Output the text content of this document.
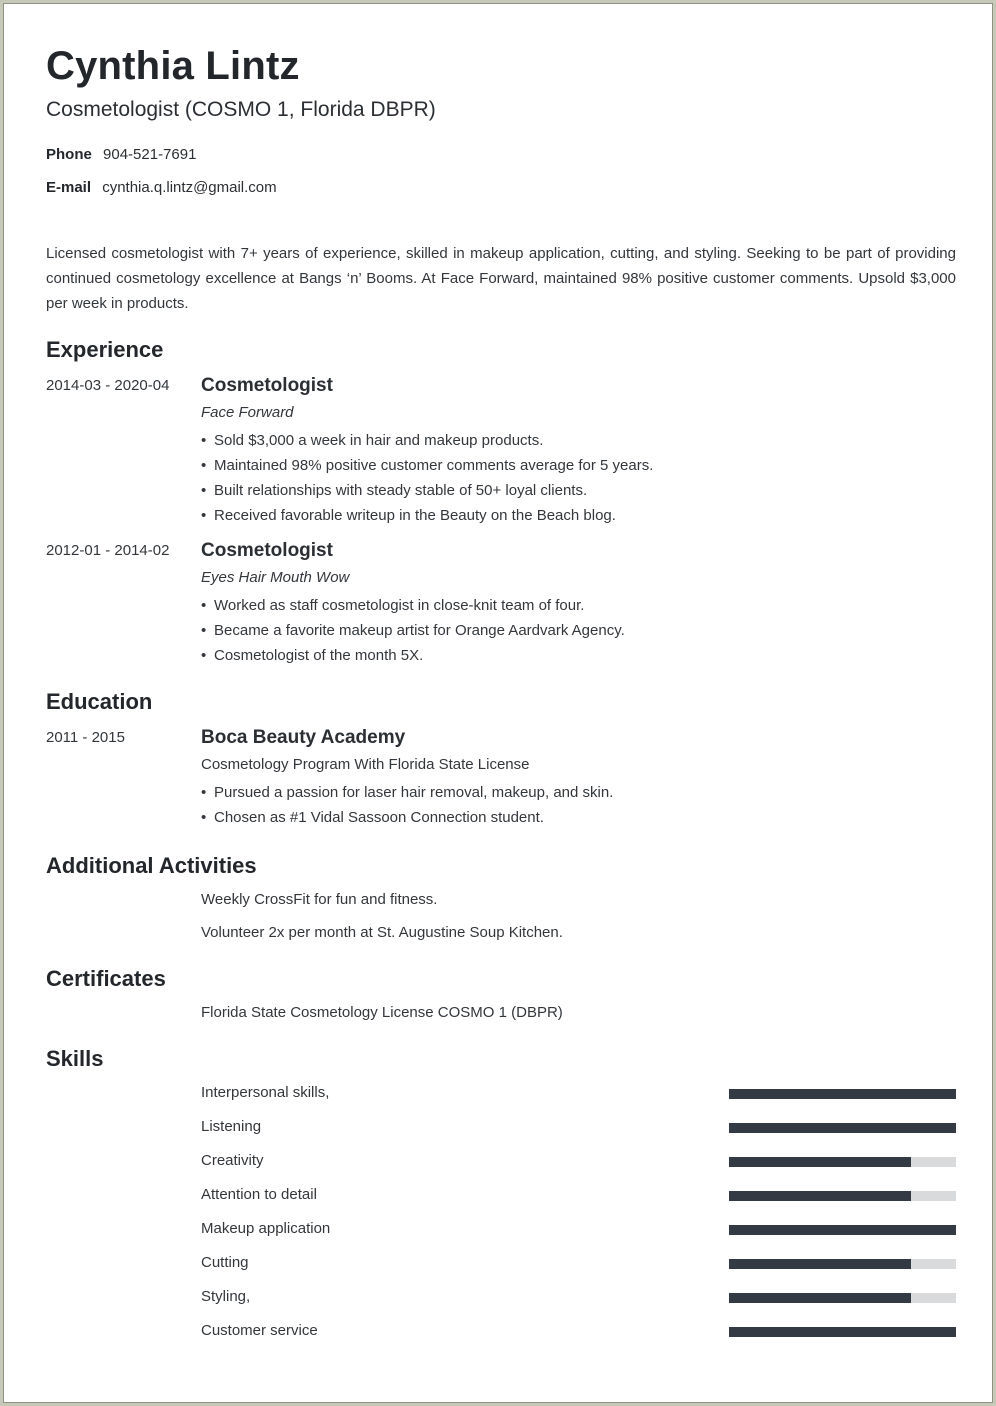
Cynthia Lintz
Cosmetologist (COSMO 1, Florida DBPR)
Phone 904-521-7691
E-mail cynthia.q.lintz@gmail.com
Licensed cosmetologist with 7+ years of experience, skilled in makeup application, cutting, and styling. Seeking to be part of providing continued cosmetology excellence at Bangs ‘n’ Booms. At Face Forward, maintained 98% positive customer comments. Upsold $3,000 per week in products.
Experience
2014-03 - 2020-04 Cosmetologist
Face Forward
• Sold $3,000 a week in hair and makeup products.
• Maintained 98% positive customer comments average for 5 years.
• Built relationships with steady stable of 50+ loyal clients.
• Received favorable writeup in the Beauty on the Beach blog.
2012-01 - 2014-02 Cosmetologist
Eyes Hair Mouth Wow
• Worked as staff cosmetologist in close-knit team of four.
• Became a favorite makeup artist for Orange Aardvark Agency.
• Cosmetologist of the month 5X.
Education
2011 - 2015	Boca Beauty Academy
Cosmetology Program With Florida State License
• Pursued a passion for laser hair removal, makeup, and skin.
• Chosen as #1 Vidal Sassoon Connection student.
Additional Activities
Weekly CrossFit for fun and fitness.
Volunteer 2x per month at St. Augustine Soup Kitchen.
Certificates
Florida State Cosmetology License COSMO 1 (DBPR)
Skills
Interpersonal skills,
Listening
Creativity
Attention to detail
Makeup application
Cutting
Styling,
Customer service
